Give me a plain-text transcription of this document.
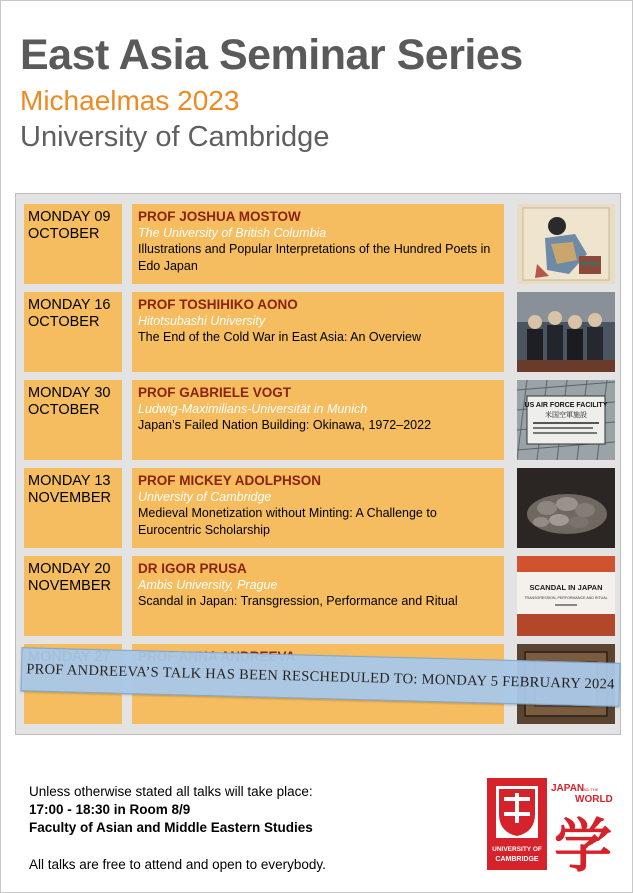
East Asia Seminar Series
Michaelmas 2023
University of Cambridge
MONDAY 09
OCTOBER
PROF JOSHUA MOSTOW
The University of British Columbia
Illustrations and Popular Interpretations of the Hundred Poets in Edo Japan
MONDAY 16
OCTOBER
PROF TOSHIHIKO AONO
Hitotsubashi University
The End of the Cold War in East Asia: An Overview
MONDAY 30
OCTOBER
PROF GABRIELE VOGT
Ludwig-Maximilians-Universität in Munich
Japan’s Failed Nation Building: Okinawa, 1972–2022
US AIR FORCE FACILITY
米国空軍施設
MONDAY 13
NOVEMBER
PROF MICKEY ADOLPHSON
University of Cambridge
Medieval Monetization without Minting: A Challenge to Eurocentric Scholarship
MONDAY 20
NOVEMBER
DR IGOR PRUSA
Ambis University, Prague
Scandal in Japan: Transgression, Performance and Ritual
SCANDAL IN JAPAN
TRANSGRESSION, PERFORMANCE AND RITUAL
PROF ANDREEVA’S TALK HAS BEEN RESCHEDULED TO: MONDAY 5 FEBRUARY 2024
Unless otherwise stated all talks will take place:
17:00 - 18:30 in Room 8/9
Faculty of Asian and Middle Eastern Studies
All talks are free to attend and open to everybody.
UNIVERSITY OF
CAMBRIDGE
JAPAN
AND THE
WORLD
学
